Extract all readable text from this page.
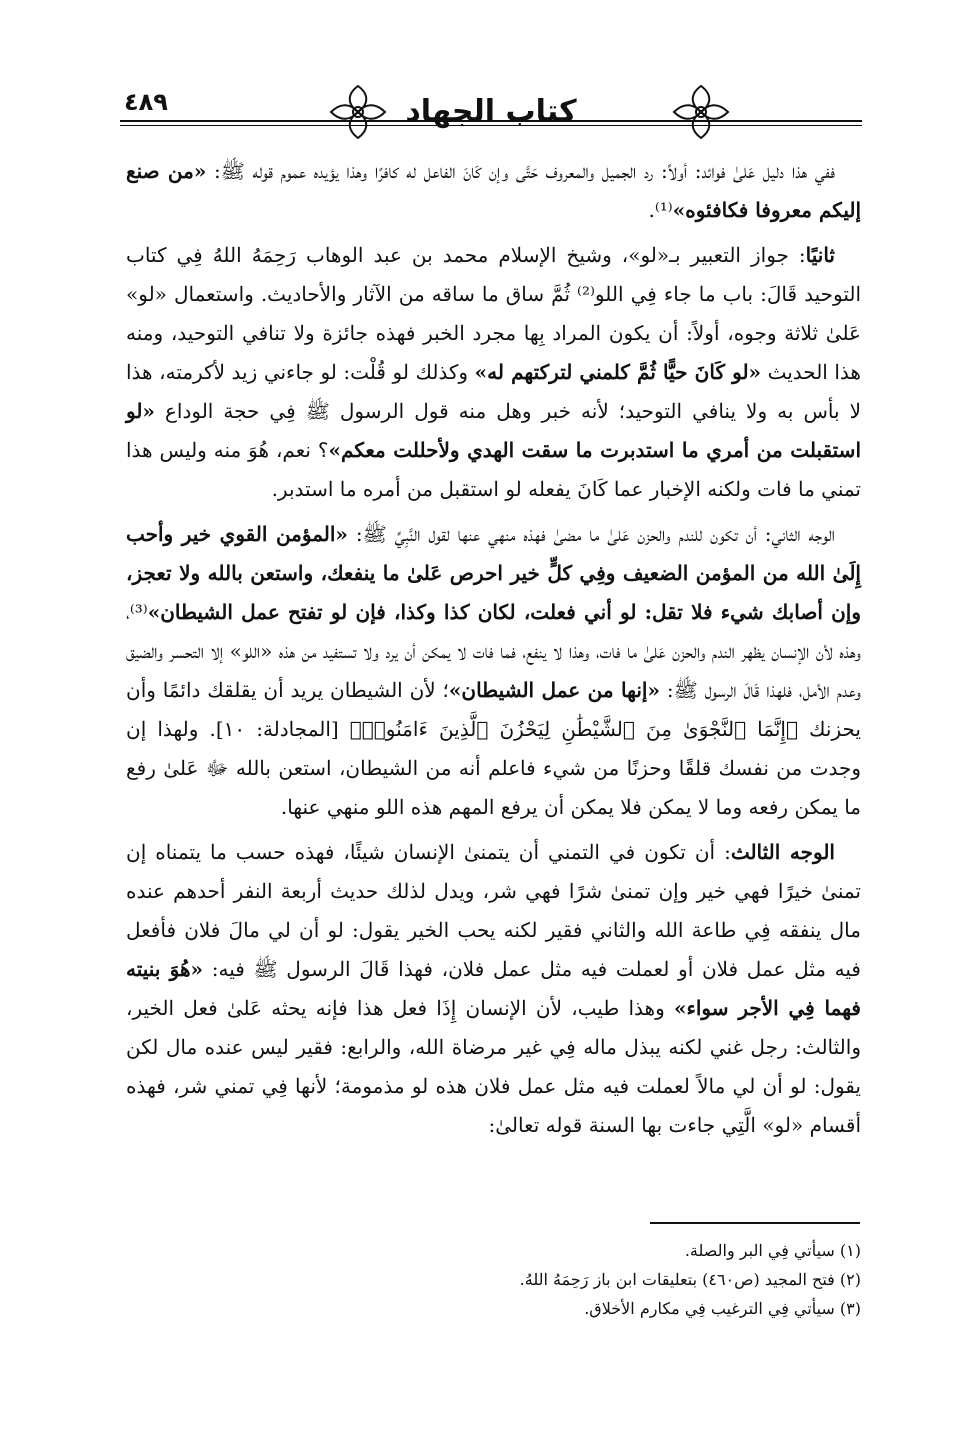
٤٨٩	كتاب الجهاد

ففي هذا دليل عَلىٰ فوائد: أولاً: رد الجميل والمعروف حَتَّى وإن كَانَ الفاعل له كافرًا وهذا يؤيده عموم قوله ﷺ: «من صنع إليكم معروفا فكافئوه»⁽¹⁾.

ثانيًا: جواز التعبير بـ«لو»، وشيخ الإسلام محمد بن عبد الوهاب رَحِمَهُ اللهُ فِي كتاب التوحيد قَالَ: باب ما جاء فِي اللو⁽²⁾ ثُمَّ ساق ما ساقه من الآثار والأحاديث. واستعمال «لو» عَلىٰ ثلاثة وجوه، أولاً: أن يكون المراد بِها مجرد الخبر فهذه جائزة ولا تنافي التوحيد، ومنه هذا الحديث «لو كَانَ حيًّا ثُمَّ كلمني لتركتهم له» وكذلك لو قُلْت: لو جاءني زيد لأكرمته، هذا لا بأس به ولا ينافي التوحيد؛ لأنه خبر وهل منه قول الرسول ﷺ فِي حجة الوداع «لو استقبلت من أمري ما استدبرت ما سقت الهدي ولأحللت معكم»؟ نعم، هُوَ منه وليس هذا تمني ما فات ولكنه الإخبار عما كَانَ يفعله لو استقبل من أمره ما استدبر.

الوجه الثاني: أن تكون للندم والحزن عَلىٰ ما مضىٰ فهذه منهي عنها لقول النَّبِيِّ ﷺ: «المؤمن القوي خير وأحب إِلَىٰ الله من المؤمن الضعيف وفِي كلٍّ خير احرص عَلىٰ ما ينفعك، واستعن بالله ولا تعجز، وإن أصابك شيء فلا تقل: لو أني فعلت، لكان كذا وكذا، فإن لو تفتح عمل الشيطان»⁽³⁾، وهذه لأن الإنسان يظهر الندم والحزن عَلىٰ ما فات، وهذا لا ينفع، فما فات لا يمكن أن يرد ولا تستفيد من هذه «اللو» إلا التحسر والضيق وعدم الأمل، فلهذا قَالَ الرسول ﷺ: «إنها من عمل الشيطان»؛ لأن الشيطان يريد أن يقلقك دائمًا وأن يحزنك ﴿إِنَّمَا ٱلنَّجْوَىٰ مِنَ ٱلشَّيْطَٰنِ لِيَحْزُنَ ٱلَّذِينَ ءَامَنُوا۟﴾ [المجادلة: ١٠]. ولهذا إن وجدت من نفسك قلقًا وحزنًا من شيء فاعلم أنه من الشيطان، استعن بالله ﷻ عَلىٰ رفع ما يمكن رفعه وما لا يمكن فلا يمكن أن يرفع المهم هذه اللو منهي عنها.

الوجه الثالث: أن تكون في التمني أن يتمنىٰ الإنسان شيئًا، فهذه حسب ما يتمناه إن تمنىٰ خيرًا فهي خير وإن تمنىٰ شرًا فهي شر، ويدل لذلك حديث أربعة النفر أحدهم عنده مال ينفقه فِي طاعة الله والثاني فقير لكنه يحب الخير يقول: لو أن لي مالَ فلان فأفعل فيه مثل عمل فلان أو لعملت فيه مثل عمل فلان، فهذا قَالَ الرسول ﷺ فيه: «هُوَ بنيته فهما فِي الأجر سواء» وهذا طيب، لأن الإنسان إِذَا فعل هذا فإنه يحثه عَلىٰ فعل الخير، والثالث: رجل غني لكنه يبذل ماله فِي غير مرضاة الله، والرابع: فقير ليس عنده مال لكن يقول: لو أن لي مالاً لعملت فيه مثل عمل فلان هذه لو مذمومة؛ لأنها فِي تمني شر، فهذه أقسام «لو» الَّتِي جاءت بها السنة قوله تعالىٰ:

(١) سيأتي فِي البر والصلة.
(٢) فتح المجيد (ص٤٦٠) بتعليقات ابن باز رَحِمَهُ اللهُ.
(٣) سيأتي فِي الترغيب فِي مكارم الأخلاق.
